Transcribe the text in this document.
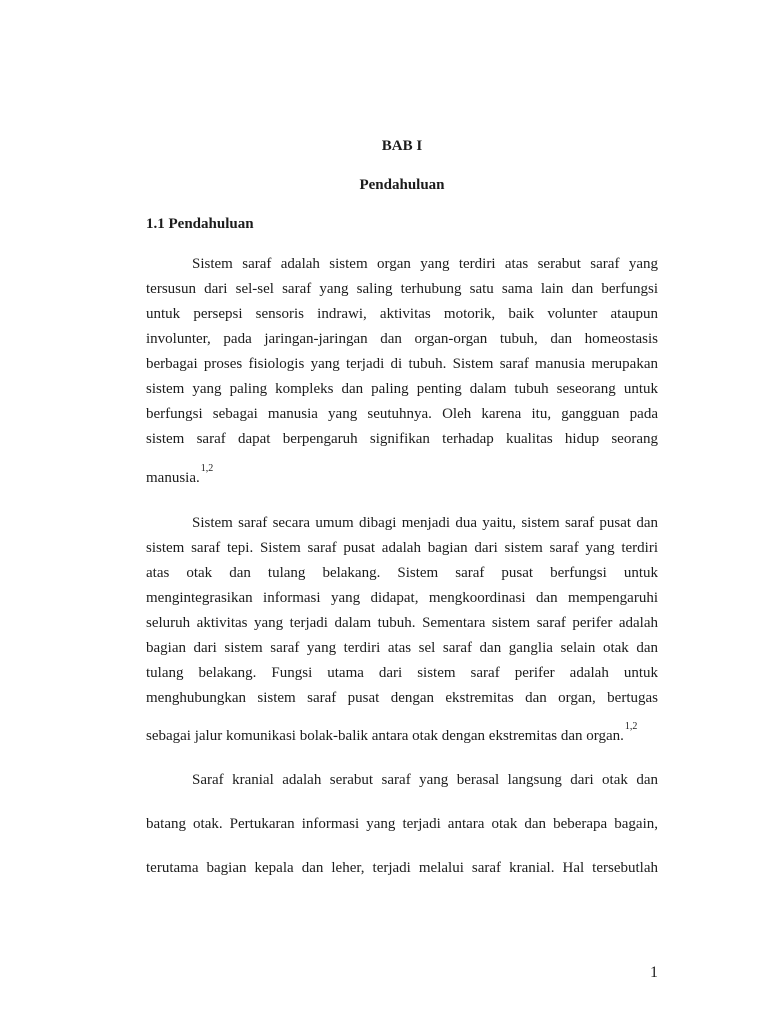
BAB I
Pendahuluan
1.1 Pendahuluan
Sistem saraf adalah sistem organ yang terdiri atas serabut saraf yang
tersusun dari sel-sel saraf yang saling terhubung satu sama lain dan berfungsi
untuk persepsi sensoris indrawi, aktivitas motorik, baik volunter ataupun
involunter, pada jaringan-jaringan dan organ-organ tubuh, dan homeostasis
berbagai proses fisiologis yang terjadi di tubuh. Sistem saraf manusia merupakan
sistem yang paling kompleks dan paling penting dalam tubuh seseorang untuk
berfungsi sebagai manusia yang seutuhnya. Oleh karena itu, gangguan pada
sistem saraf dapat berpengaruh signifikan terhadap kualitas hidup seorang
manusia.$^{1,2}$
Sistem saraf secara umum dibagi menjadi dua yaitu, sistem saraf pusat dan
sistem saraf tepi. Sistem saraf pusat adalah bagian dari sistem saraf yang terdiri
atas otak dan tulang belakang. Sistem saraf pusat berfungsi untuk
mengintegrasikan informasi yang didapat, mengkoordinasi dan mempengaruhi
seluruh aktivitas yang terjadi dalam tubuh. Sementara sistem saraf perifer adalah
bagian dari sistem saraf yang terdiri atas sel saraf dan ganglia selain otak dan
tulang belakang. Fungsi utama dari sistem saraf perifer adalah untuk
menghubungkan sistem saraf pusat dengan ekstremitas dan organ, bertugas
sebagai jalur komunikasi bolak-balik antara otak dengan ekstremitas dan organ.$^{1,2}$
Saraf kranial adalah serabut saraf yang berasal langsung dari otak dan
batang otak. Pertukaran informasi yang terjadi antara otak dan beberapa bagain,
terutama bagian kepala dan leher, terjadi melalui saraf kranial. Hal tersebutlah
1
